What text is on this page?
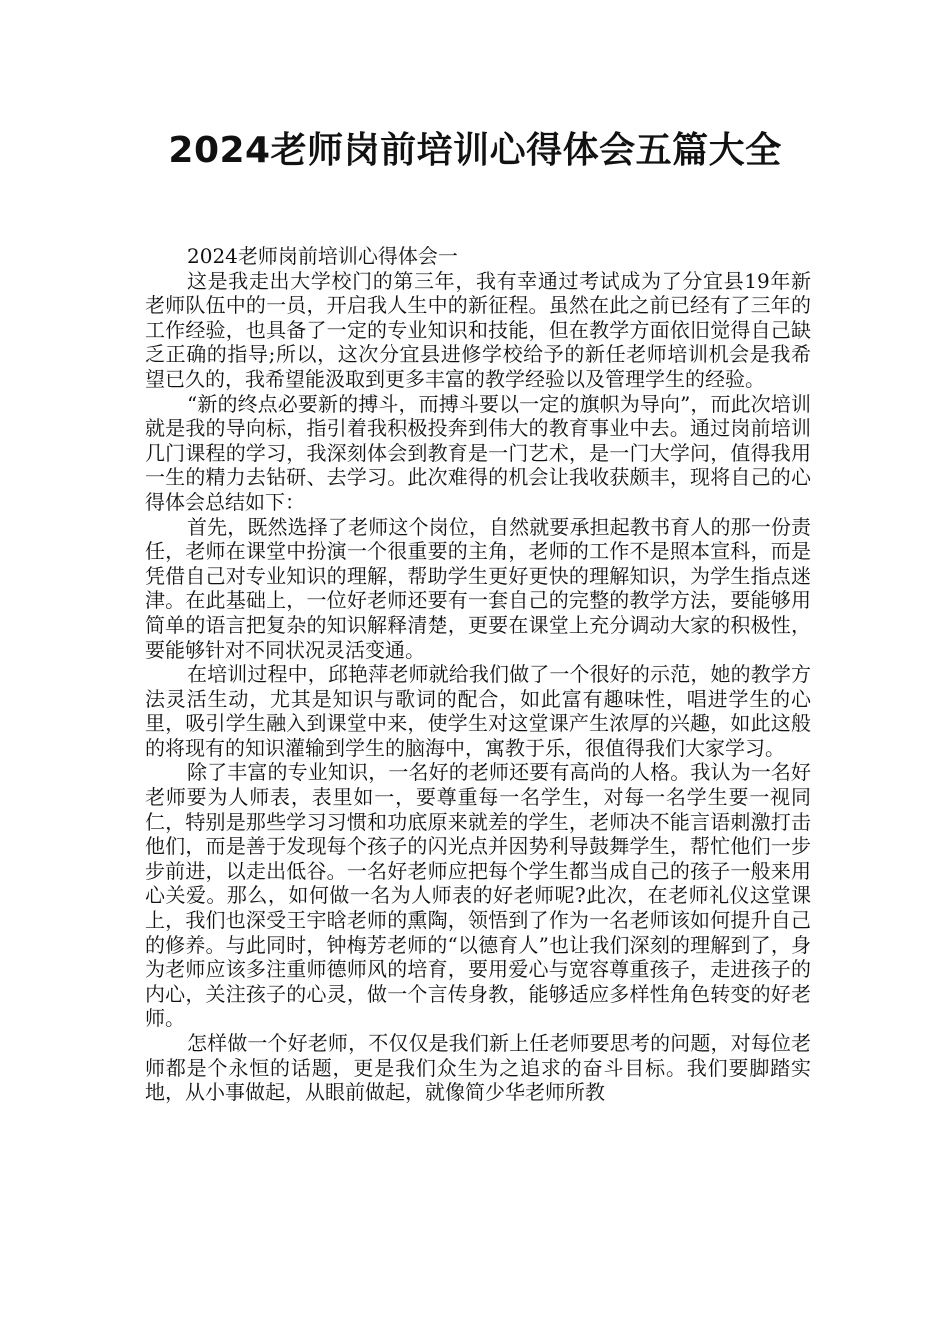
2024老师岗前培训心得体会五篇大全

2024老师岗前培训心得体会一

这是我走出大学校门的第三年，我有幸通过考试成为了分宜县19年新老师队伍中的一员，开启我人生中的新征程。虽然在此之前已经有了三年的工作经验，也具备了一定的专业知识和技能，但在教学方面依旧觉得自己缺乏正确的指导;所以，这次分宜县进修学校给予的新任老师培训机会是我希望已久的，我希望能汲取到更多丰富的教学经验以及管理学生的经验。

“新的终点必要新的搏斗，而搏斗要以一定的旗帜为导向”，而此次培训就是我的导向标，指引着我积极投奔到伟大的教育事业中去。通过岗前培训几门课程的学习，我深刻体会到教育是一门艺术，是一门大学问，值得我用一生的精力去钻研、去学习。此次难得的机会让我收获颇丰，现将自己的心得体会总结如下：

首先，既然选择了老师这个岗位，自然就要承担起教书育人的那一份责任，老师在课堂中扮演一个很重要的主角，老师的工作不是照本宣科，而是凭借自己对专业知识的理解，帮助学生更好更快的理解知识，为学生指点迷津。在此基础上，一位好老师还要有一套自己的完整的教学方法，要能够用简单的语言把复杂的知识解释清楚，更要在课堂上充分调动大家的积极性，要能够针对不同状况灵活变通。

在培训过程中，邱艳萍老师就给我们做了一个很好的示范，她的教学方法灵活生动，尤其是知识与歌词的配合，如此富有趣味性，唱进学生的心里，吸引学生融入到课堂中来，使学生对这堂课产生浓厚的兴趣，如此这般的将现有的知识灌输到学生的脑海中，寓教于乐，很值得我们大家学习。

除了丰富的专业知识，一名好的老师还要有高尚的人格。我认为一名好老师要为人师表，表里如一，要尊重每一名学生，对每一名学生要一视同仁，特别是那些学习习惯和功底原来就差的学生，老师决不能言语刺激打击他们，而是善于发现每个孩子的闪光点并因势利导鼓舞学生，帮忙他们一步步前进，以走出低谷。一名好老师应把每个学生都当成自己的孩子一般来用心关爱。那么，如何做一名为人师表的好老师呢?此次，在老师礼仪这堂课上，我们也深受王宇晗老师的熏陶，领悟到了作为一名老师该如何提升自己的修养。与此同时，钟梅芳老师的“以德育人”也让我们深刻的理解到了，身为老师应该多注重师德师风的培育，要用爱心与宽容尊重孩子，走进孩子的内心，关注孩子的心灵，做一个言传身教，能够适应多样性角色转变的好老师。

怎样做一个好老师，不仅仅是我们新上任老师要思考的问题，对每位老师都是个永恒的话题，更是我们众生为之追求的奋斗目标。我们要脚踏实地，从小事做起，从眼前做起，就像简少华老师所教
